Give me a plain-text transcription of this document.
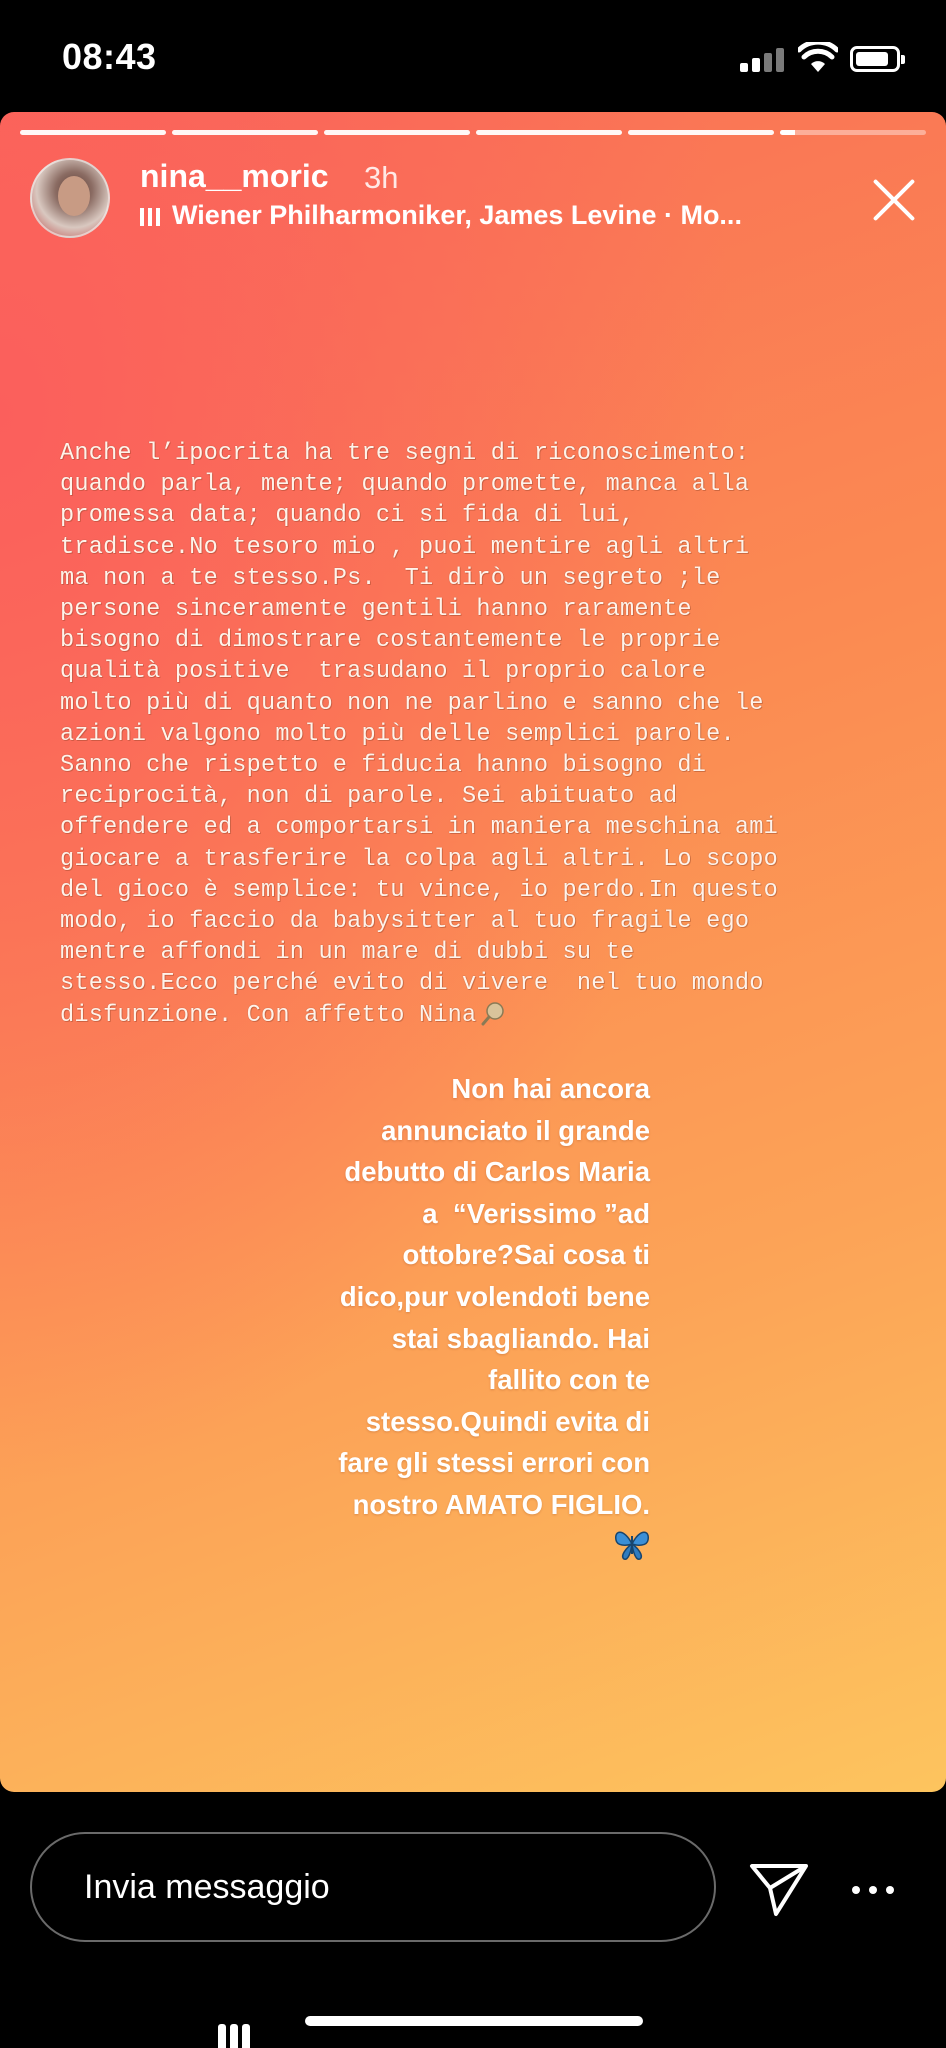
08:43
nina__moric 3h
Wiener Philharmoniker, James Levine · Mo...
Anche l’ipocrita ha tre segni di riconoscimento:
quando parla, mente; quando promette, manca alla
promessa data; quando ci si fida di lui,
tradisce.No tesoro mio , puoi mentire agli altri
ma non a te stesso.Ps.  Ti dirò un segreto ;le
persone sinceramente gentili hanno raramente
bisogno di dimostrare costantemente le proprie
qualità positive  trasudano il proprio calore
molto più di quanto non ne parlino e sanno che le
azioni valgono molto più delle semplici parole.
Sanno che rispetto e fiducia hanno bisogno di
reciprocità, non di parole. Sei abituato ad
offendere ed a comportarsi in maniera meschina ami
giocare a trasferire la colpa agli altri. Lo scopo
del gioco è semplice: tu vince, io perdo.In questo
modo, io faccio da babysitter al tuo fragile ego
mentre affondi in un mare di dubbi su te
stesso.Ecco perché evito di vivere  nel tuo mondo
disfunzione. Con affetto Nina
Non hai ancora
annunciato il grande
debutto di Carlos Maria
a  “Verissimo ”ad
ottobre?Sai cosa ti
dico,pur volendoti bene
stai sbagliando. Hai
fallito con te
stesso.Quindi evita di
fare gli stessi errori con
nostro AMATO FIGLIO.
Invia messaggio
